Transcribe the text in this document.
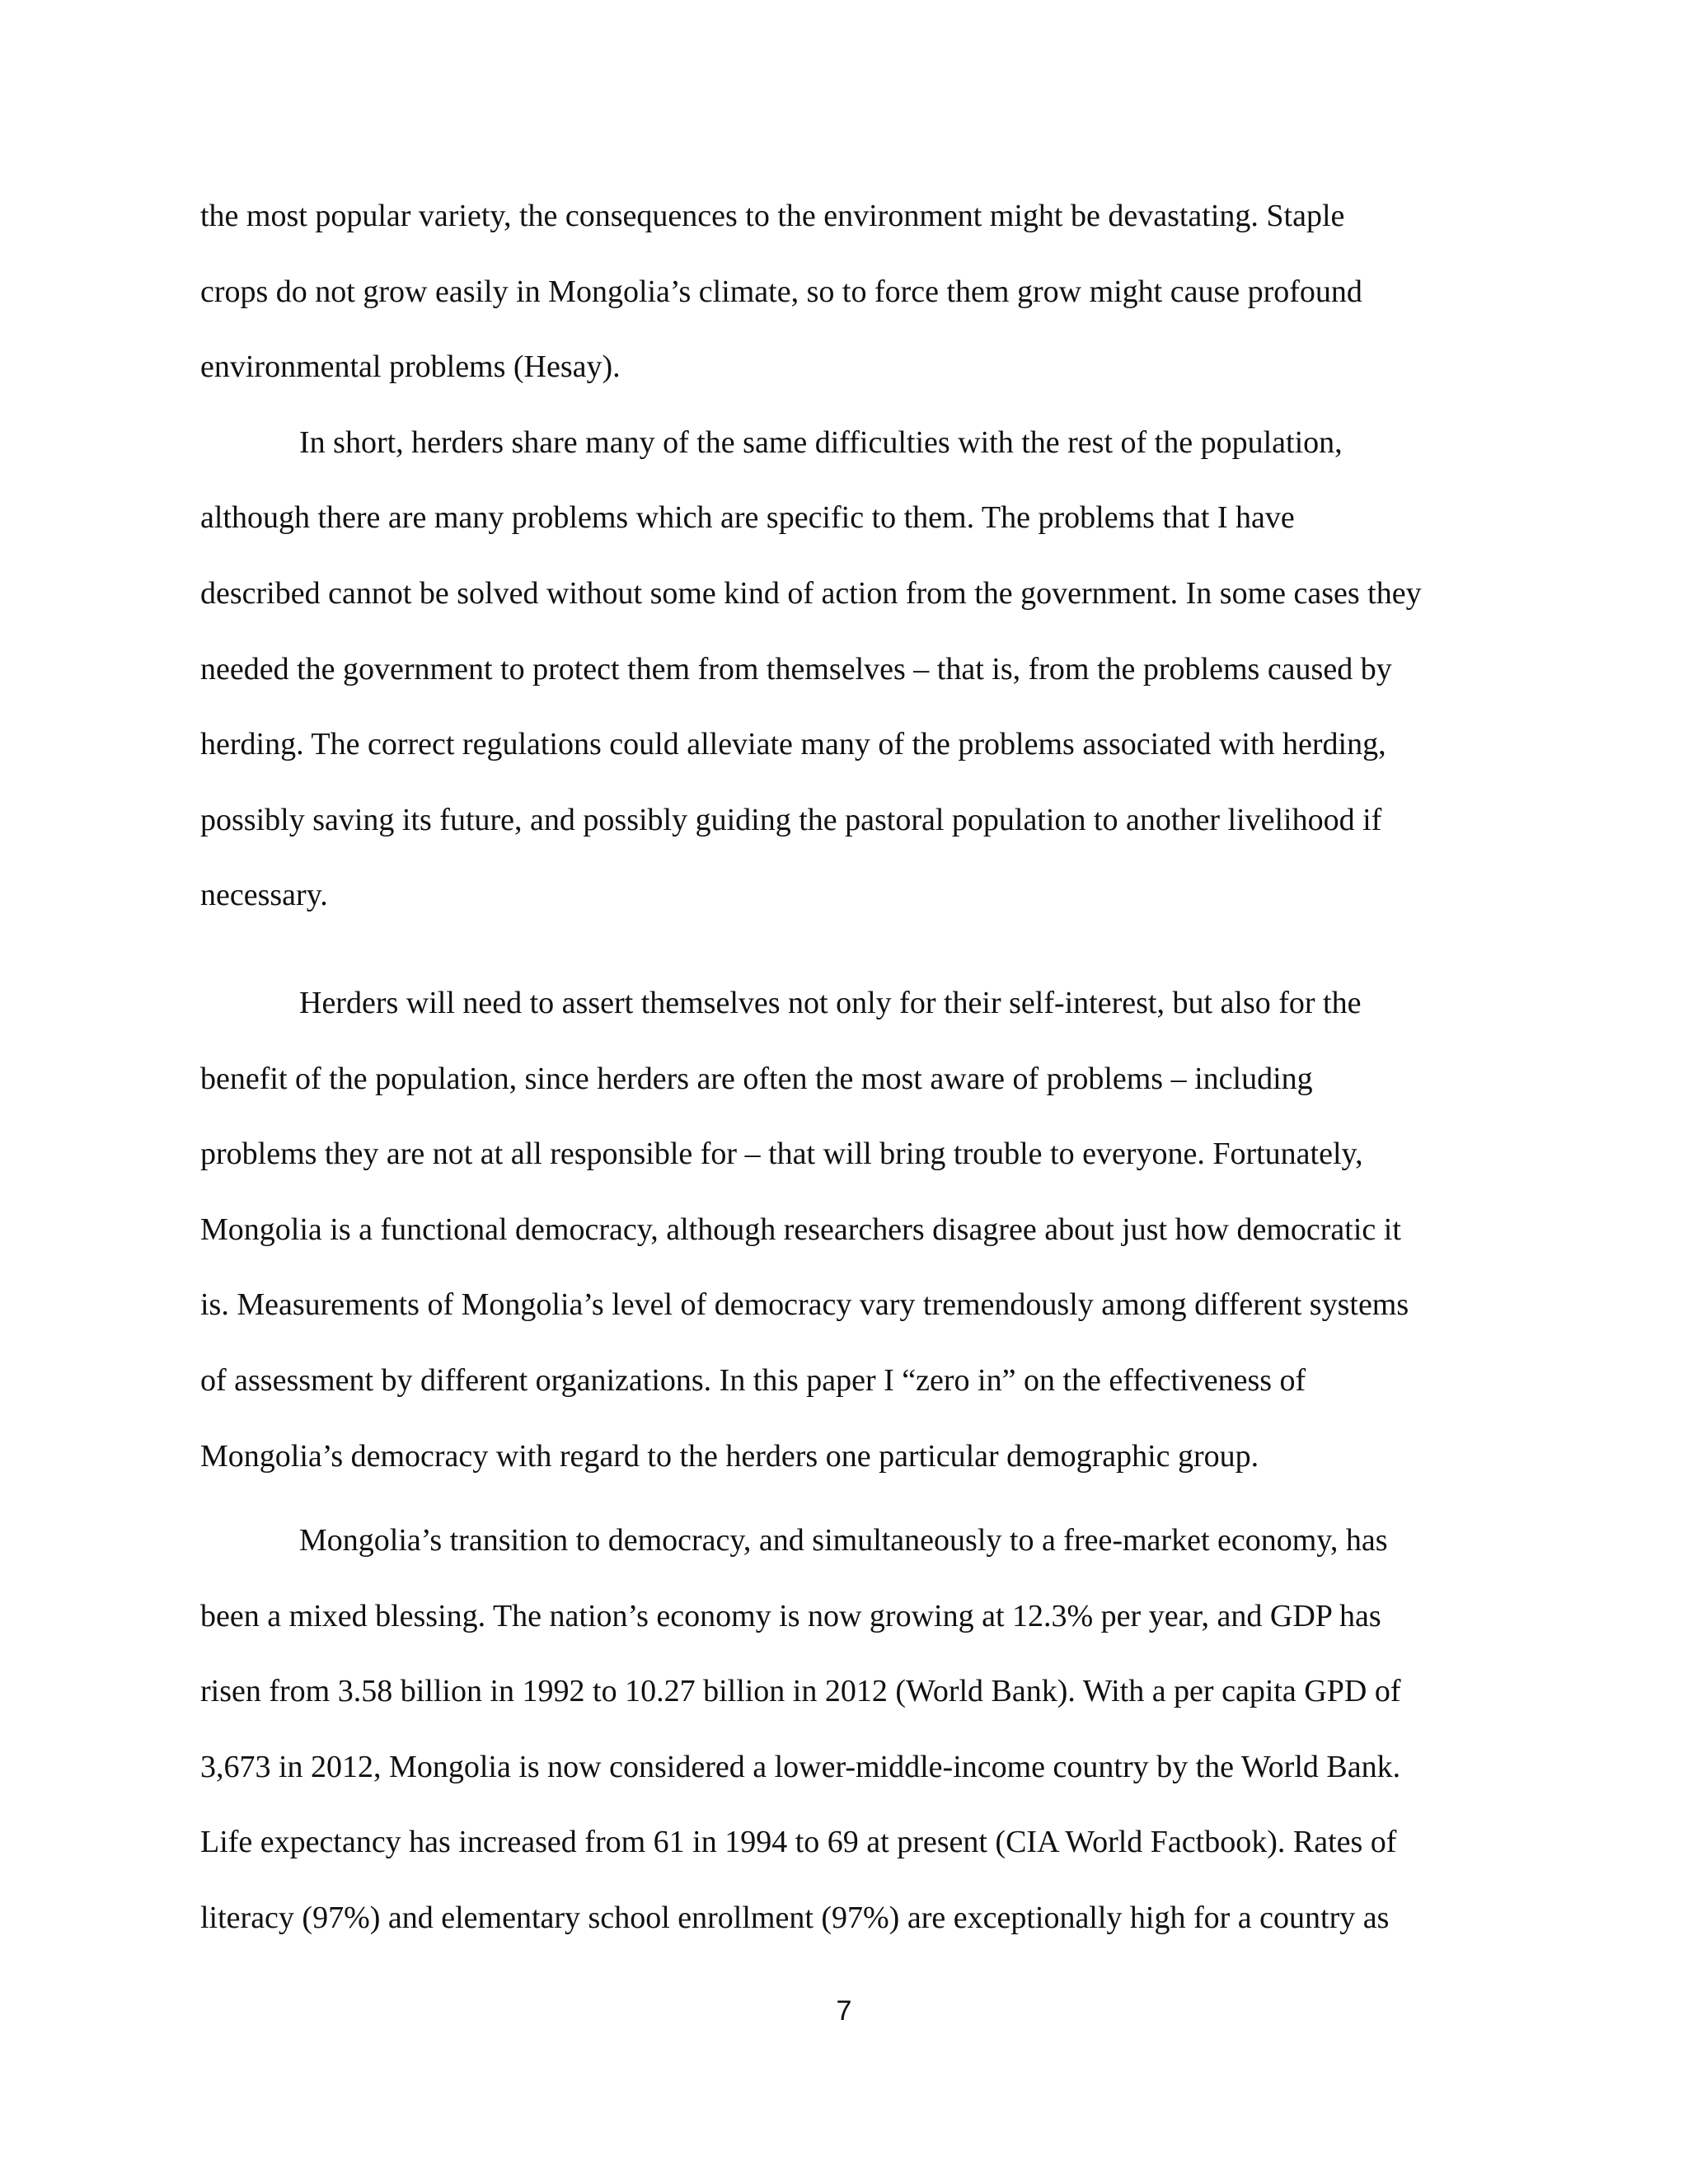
the most popular variety, the consequences to the environment might be devastating. Staple
crops do not grow easily in Mongolia’s climate, so to force them grow might cause profound
environmental problems (Hesay).
In short, herders share many of the same difficulties with the rest of the population,
although there are many problems which are specific to them. The problems that I have
described cannot be solved without some kind of action from the government. In some cases they
needed the government to protect them from themselves – that is, from the problems caused by
herding. The correct regulations could alleviate many of the problems associated with herding,
possibly saving its future, and possibly guiding the pastoral population to another livelihood if
necessary.
Herders will need to assert themselves not only for their self-interest, but also for the
benefit of the population, since herders are often the most aware of problems – including
problems they are not at all responsible for – that will bring trouble to everyone. Fortunately,
Mongolia is a functional democracy, although researchers disagree about just how democratic it
is. Measurements of Mongolia’s level of democracy vary tremendously among different systems
of assessment by different organizations. In this paper I “zero in” on the effectiveness of
Mongolia’s democracy with regard to the herders one particular demographic group.
Mongolia’s transition to democracy, and simultaneously to a free-market economy, has
been a mixed blessing. The nation’s economy is now growing at 12.3% per year, and GDP has
risen from 3.58 billion in 1992 to 10.27 billion in 2012 (World Bank). With a per capita GPD of
3,673 in 2012, Mongolia is now considered a lower-middle-income country by the World Bank.
Life expectancy has increased from 61 in 1994 to 69 at present (CIA World Factbook). Rates of
literacy (97%) and elementary school enrollment (97%) are exceptionally high for a country as
7
